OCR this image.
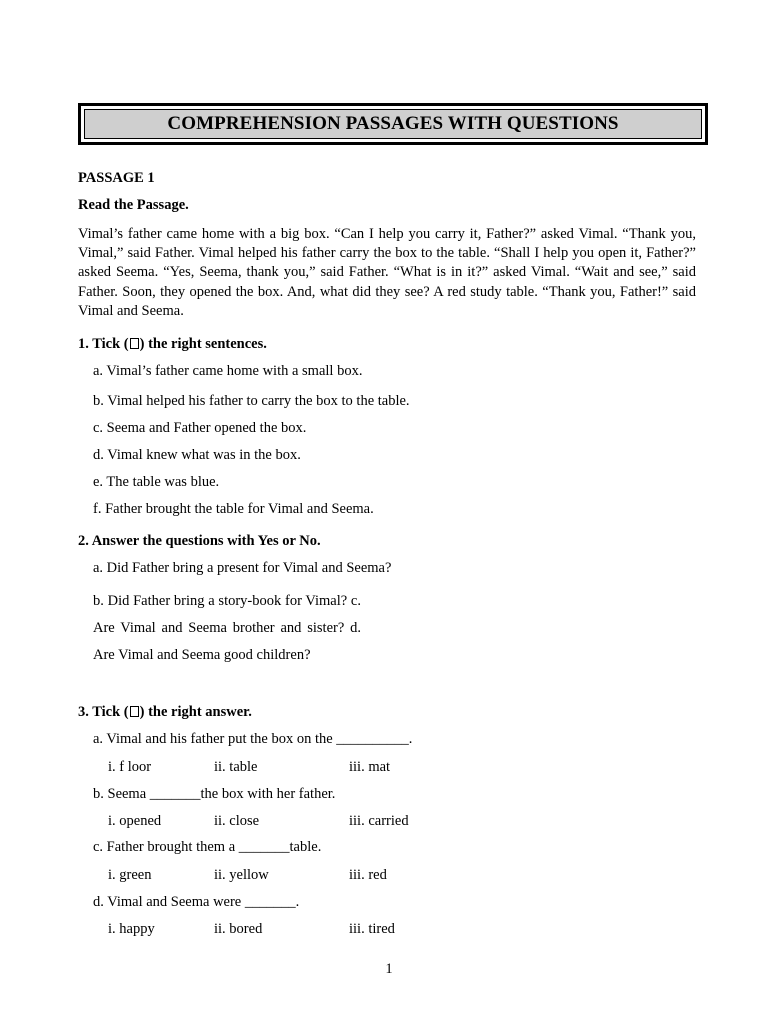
COMPREHENSION PASSAGES WITH QUESTIONS
PASSAGE 1
Read the Passage.
Vimal’s father came home with a big box. “Can I help you carry it, Father?” asked Vimal. “Thank you, Vimal,” said Father. Vimal helped his father carry the box to the table. “Shall I help you open it, Father?” asked Seema. “Yes, Seema, thank you,” said Father. “What is in it?” asked Vimal. “Wait and see,” said Father. Soon, they opened the box. And, what did they see? A red study table. “Thank you, Father!” said Vimal and Seema.
1. Tick ( ) the right sentences.
a. Vimal’s father came home with a small box.
b. Vimal helped his father to carry the box to the table.
c. Seema and Father opened the box.
d. Vimal knew what was in the box.
e. The table was blue.
f. Father brought the table for Vimal and Seema.
2. Answer the questions with Yes or No.
a. Did Father bring a present for Vimal and Seema?
b. Did Father bring a story-book for Vimal? c. Are Vimal and Seema brother and sister? d. Are Vimal and Seema good children?
3. Tick ( ) the right answer.
a. Vimal and his father put the box on the __________.
i. f loor	ii. table	iii. mat
b. Seema _______the box with her father.
i. opened	ii. close	iii. carried
c. Father brought them a _______table.
i. green	ii. yellow	iii. red
d. Vimal and Seema were _______.
i. happy	ii. bored	iii. tired
1
